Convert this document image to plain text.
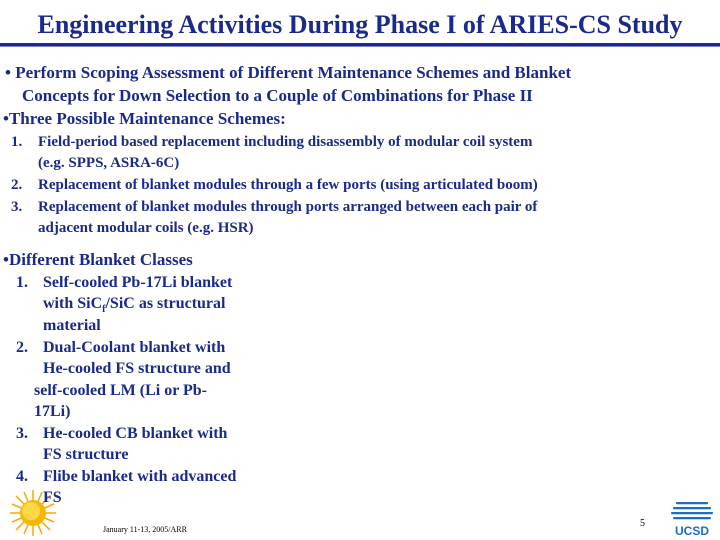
Engineering Activities During Phase I of ARIES-CS Study
• Perform Scoping Assessment of Different Maintenance Schemes and Blanket
Concepts for Down Selection to a Couple of Combinations for Phase II
•Three Possible Maintenance Schemes:
1. Field-period based replacement including disassembly of modular coil system
(e.g. SPPS, ASRA-6C)
2. Replacement of blanket modules through a few ports (using articulated boom)
3. Replacement of blanket modules through ports arranged between each pair of
adjacent modular coils (e.g. HSR)
•Different Blanket Classes
1. Self-cooled Pb-17Li blanket
with SiC$_f$/SiC as structural
material
2. Dual-Coolant blanket with
He-cooled FS structure and
self-cooled LM (Li or Pb-
17Li)
3. He-cooled CB blanket with
FS structure
4. Flibe blanket with advanced
FS
January 11-13, 2005/ARR
5
UCSD
